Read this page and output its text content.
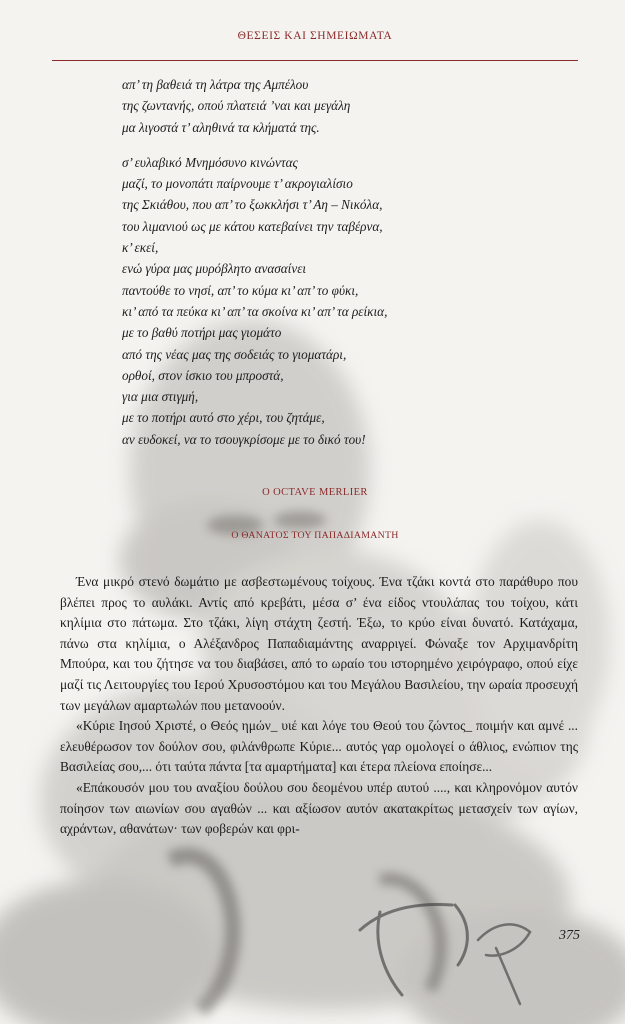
ΘΕΣΕΙΣ ΚΑΙ ΣΗΜΕΙΩΜΑΤΑ
απ’ τη βαθειά τη λάτρα της Αμπέλου
της ζωντανής, οπού πλατειά ’ναι και μεγάλη
μα λιγοστά τ’ αληθινά τα κλήματά της.
σ’ ευλαβικό Μνημόσυνο κινώντας
μαζί, το μονοπάτι παίρνουμε τ’ ακρογιαλίσιο
της Σκιάθου, που απ’ το ξωκκλήσι τ’ Αη – Νικόλα,
του λιμανιού ως με κάτου κατεβαίνει την ταβέρνα,
κ’ εκεί,
ενώ γύρα μας μυρόβλητο ανασαίνει
παντούθε το νησί, απ’ το κύμα κι’ απ’ το φύκι,
κι’ από τα πεύκα κι’ απ’ τα σκοίνα κι’ απ’ τα ρείκια,
με το βαθύ ποτήρι μας γιομάτο
από της νέας μας της σοδειάς το γιοματάρι,
ορθοί, στον ίσκιο του μπροστά,
για μια στιγμή,
με το ποτήρι αυτό στο χέρι, του ζητάμε,
αν ευδοκεί, να το τσουγκρίσομε με το δικό του!
Ο OCTAVE MERLIER
Ο ΘΑΝΑΤΟΣ ΤΟΥ ΠΑΠΑΔΙΑΜΑΝΤΗ

Ένα μικρό στενό δωμάτιο με ασβεστωμένους τοίχους. Ένα τζάκι κοντά στο παράθυρο που βλέπει προς το αυλάκι. Αντίς από κρεβάτι, μέσα σ’ ένα είδος ντουλάπας του τοίχου, κάτι κηλίμια στο πάτωμα. Στο τζάκι, λίγη στάχτη ζεστή. Έξω, το κρύο είναι δυνατό. Κατάχαμα, πάνω στα κηλίμια, ο Αλέξανδρος Παπαδιαμάντης αναρριγεί. Φώναξε τον Αρχιμανδρίτη Μπούρα, και του ζήτησε να του διαβάσει, από το ωραίο του ιστορημένο χειρόγραφο, οπού είχε μαζί τις Λειτουργίες του Ιερού Χρυσοστόμου και του Μεγάλου Βασιλείου, την ωραία προσευχή των μεγάλων αμαρτωλών που μετανοούν.

«Κύριε Ιησού Χριστέ, ο Θεός ημών_ υιέ και λόγε του Θεού του ζώντος_ ποιμήν και αμνέ ... ελευθέρωσον τον δούλον σου, φιλάνθρωπε Κύριε... αυτός γαρ ομολογεί ο άθλιος, ενώπιον της Βασιλείας σου,... ότι ταύτα πάντα [τα αμαρτήματα] και έτερα πλείονα εποίησε...

«Επάκουσόν μου του αναξίου δούλου σου δεομένου υπέρ αυτού ...., και κληρονόμον αυτόν ποίησον των αιωνίων σου αγαθών ... και αξίωσον αυτόν ακατακρίτως μετασχείν των αγίων, αχράντων, αθανάτων· των φοβερών και φρι-

375
